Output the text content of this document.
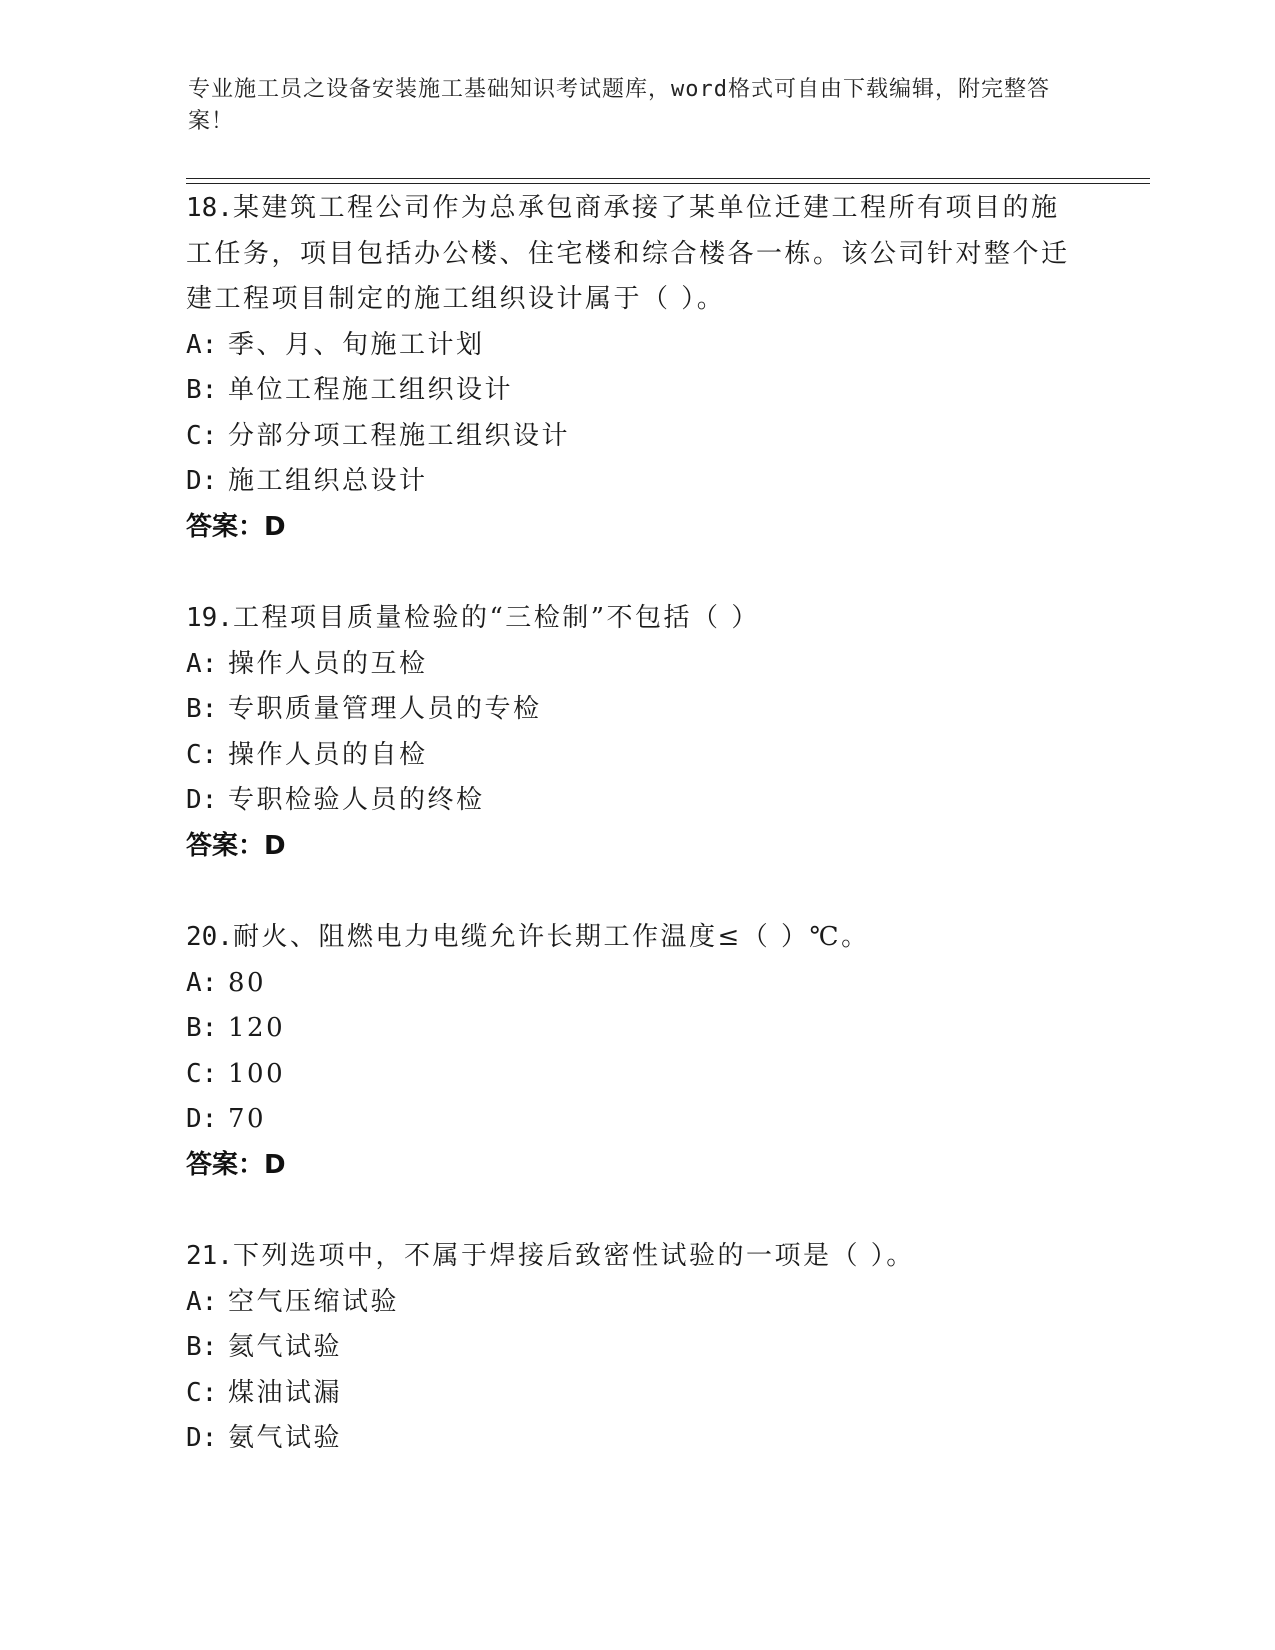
专业施工员之设备安装施工基础知识考试题库，word格式可自由下载编辑，附完整答案！

18.某建筑工程公司作为总承包商承接了某单位迁建工程所有项目的施工任务，项目包括办公楼、住宅楼和综合楼各一栋。该公司针对整个迁建工程项目制定的施工组织设计属于（ ）。

A: 季、月、旬施工计划

B: 单位工程施工组织设计

C: 分部分项工程施工组织设计

D: 施工组织总设计

答案：D

19.工程项目质量检验的“三检制”不包括（ ）

A: 操作人员的互检

B: 专职质量管理人员的专检

C: 操作人员的自检

D: 专职检验人员的终检

答案：D

20.耐火、阻燃电力电缆允许长期工作温度≤（ ）℃。

A: 80

B: 120

C: 100

D: 70

答案：D

21.下列选项中，不属于焊接后致密性试验的一项是（ ）。

A: 空气压缩试验

B: 氦气试验

C: 煤油试漏

D: 氨气试验
